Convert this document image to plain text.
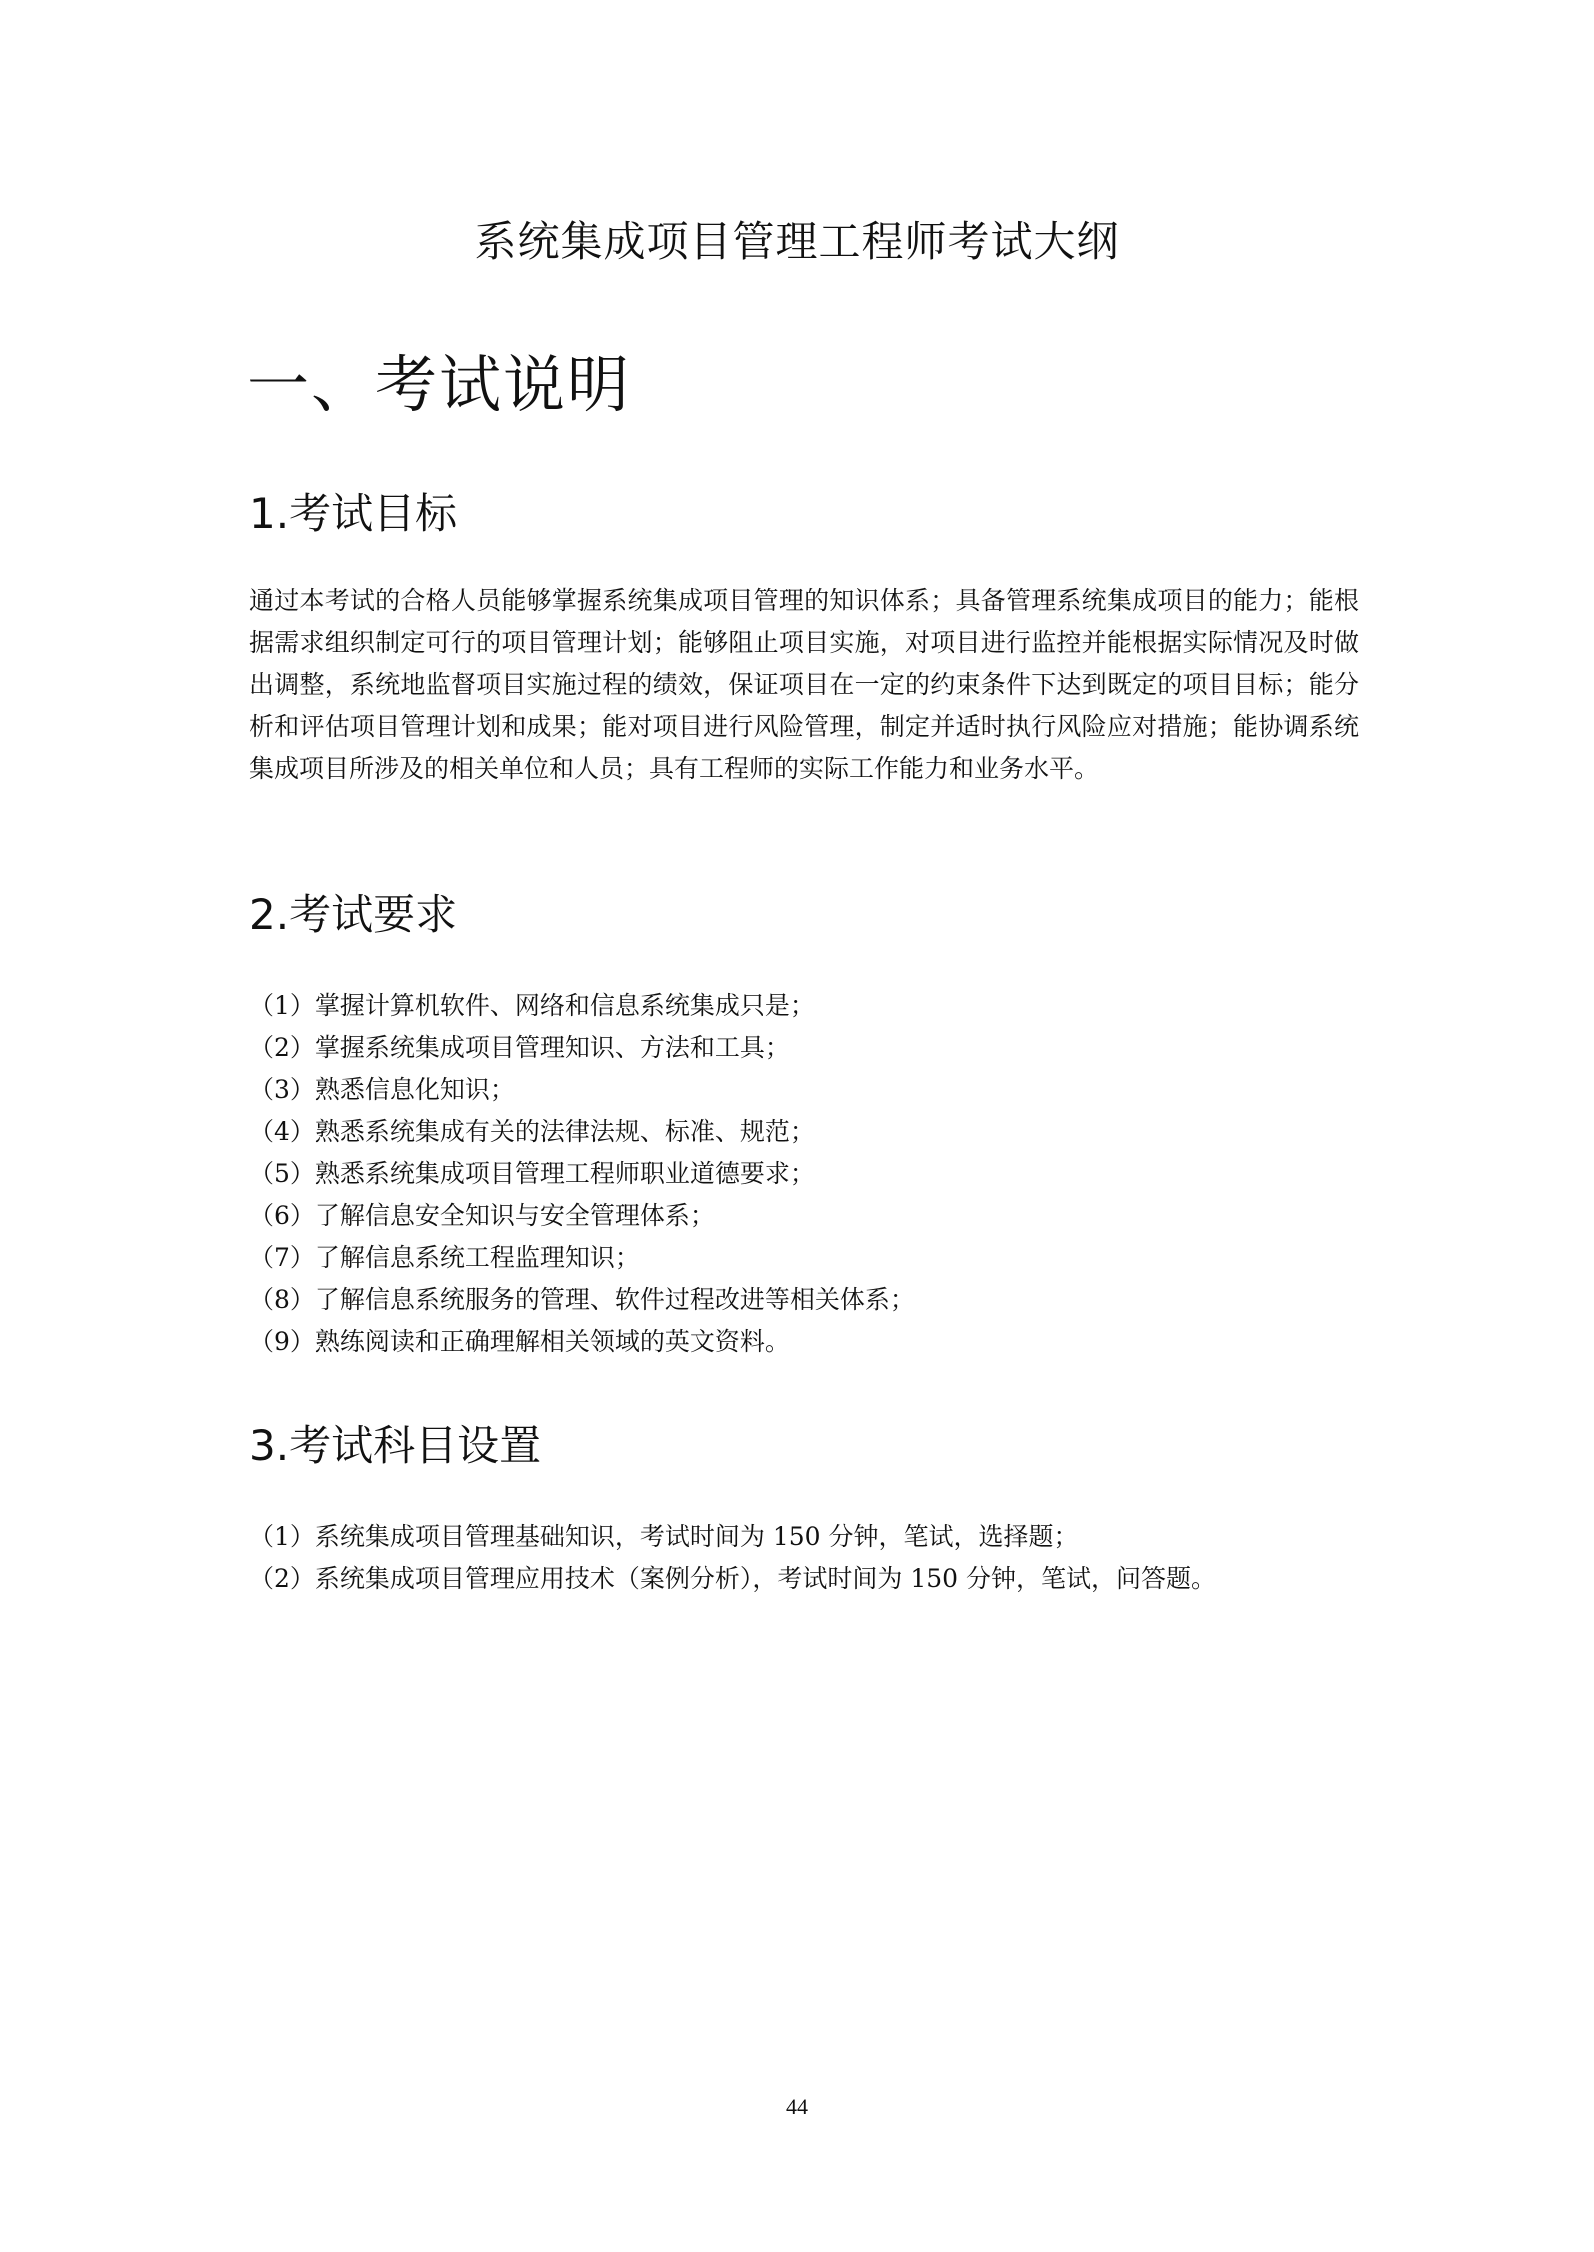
系统集成项目管理工程师考试大纲
一、考试说明
1.考试目标

通过本考试的合格人员能够掌握系统集成项目管理的知识体系；具备管理系统集成项目的能力；能根据需求组织制定可行的项目管理计划；能够阻止项目实施，对项目进行监控并能根据实际情况及时做出调整，系统地监督项目实施过程的绩效，保证项目在一定的约束条件下达到既定的项目目标；能分析和评估项目管理计划和成果；能对项目进行风险管理，制定并适时执行风险应对措施；能协调系统集成项目所涉及的相关单位和人员；具有工程师的实际工作能力和业务水平。

2.考试要求
（1）掌握计算机软件、网络和信息系统集成只是；
（2）掌握系统集成项目管理知识、方法和工具；
（3）熟悉信息化知识；
（4）熟悉系统集成有关的法律法规、标准、规范；
（5）熟悉系统集成项目管理工程师职业道德要求；
（6）了解信息安全知识与安全管理体系；
（7）了解信息系统工程监理知识；
（8）了解信息系统服务的管理、软件过程改进等相关体系；
（9）熟练阅读和正确理解相关领域的英文资料。
3.考试科目设置
（1）系统集成项目管理基础知识，考试时间为 150 分钟，笔试，选择题；
（2）系统集成项目管理应用技术（案例分析），考试时间为 150 分钟，笔试，问答题。
44
